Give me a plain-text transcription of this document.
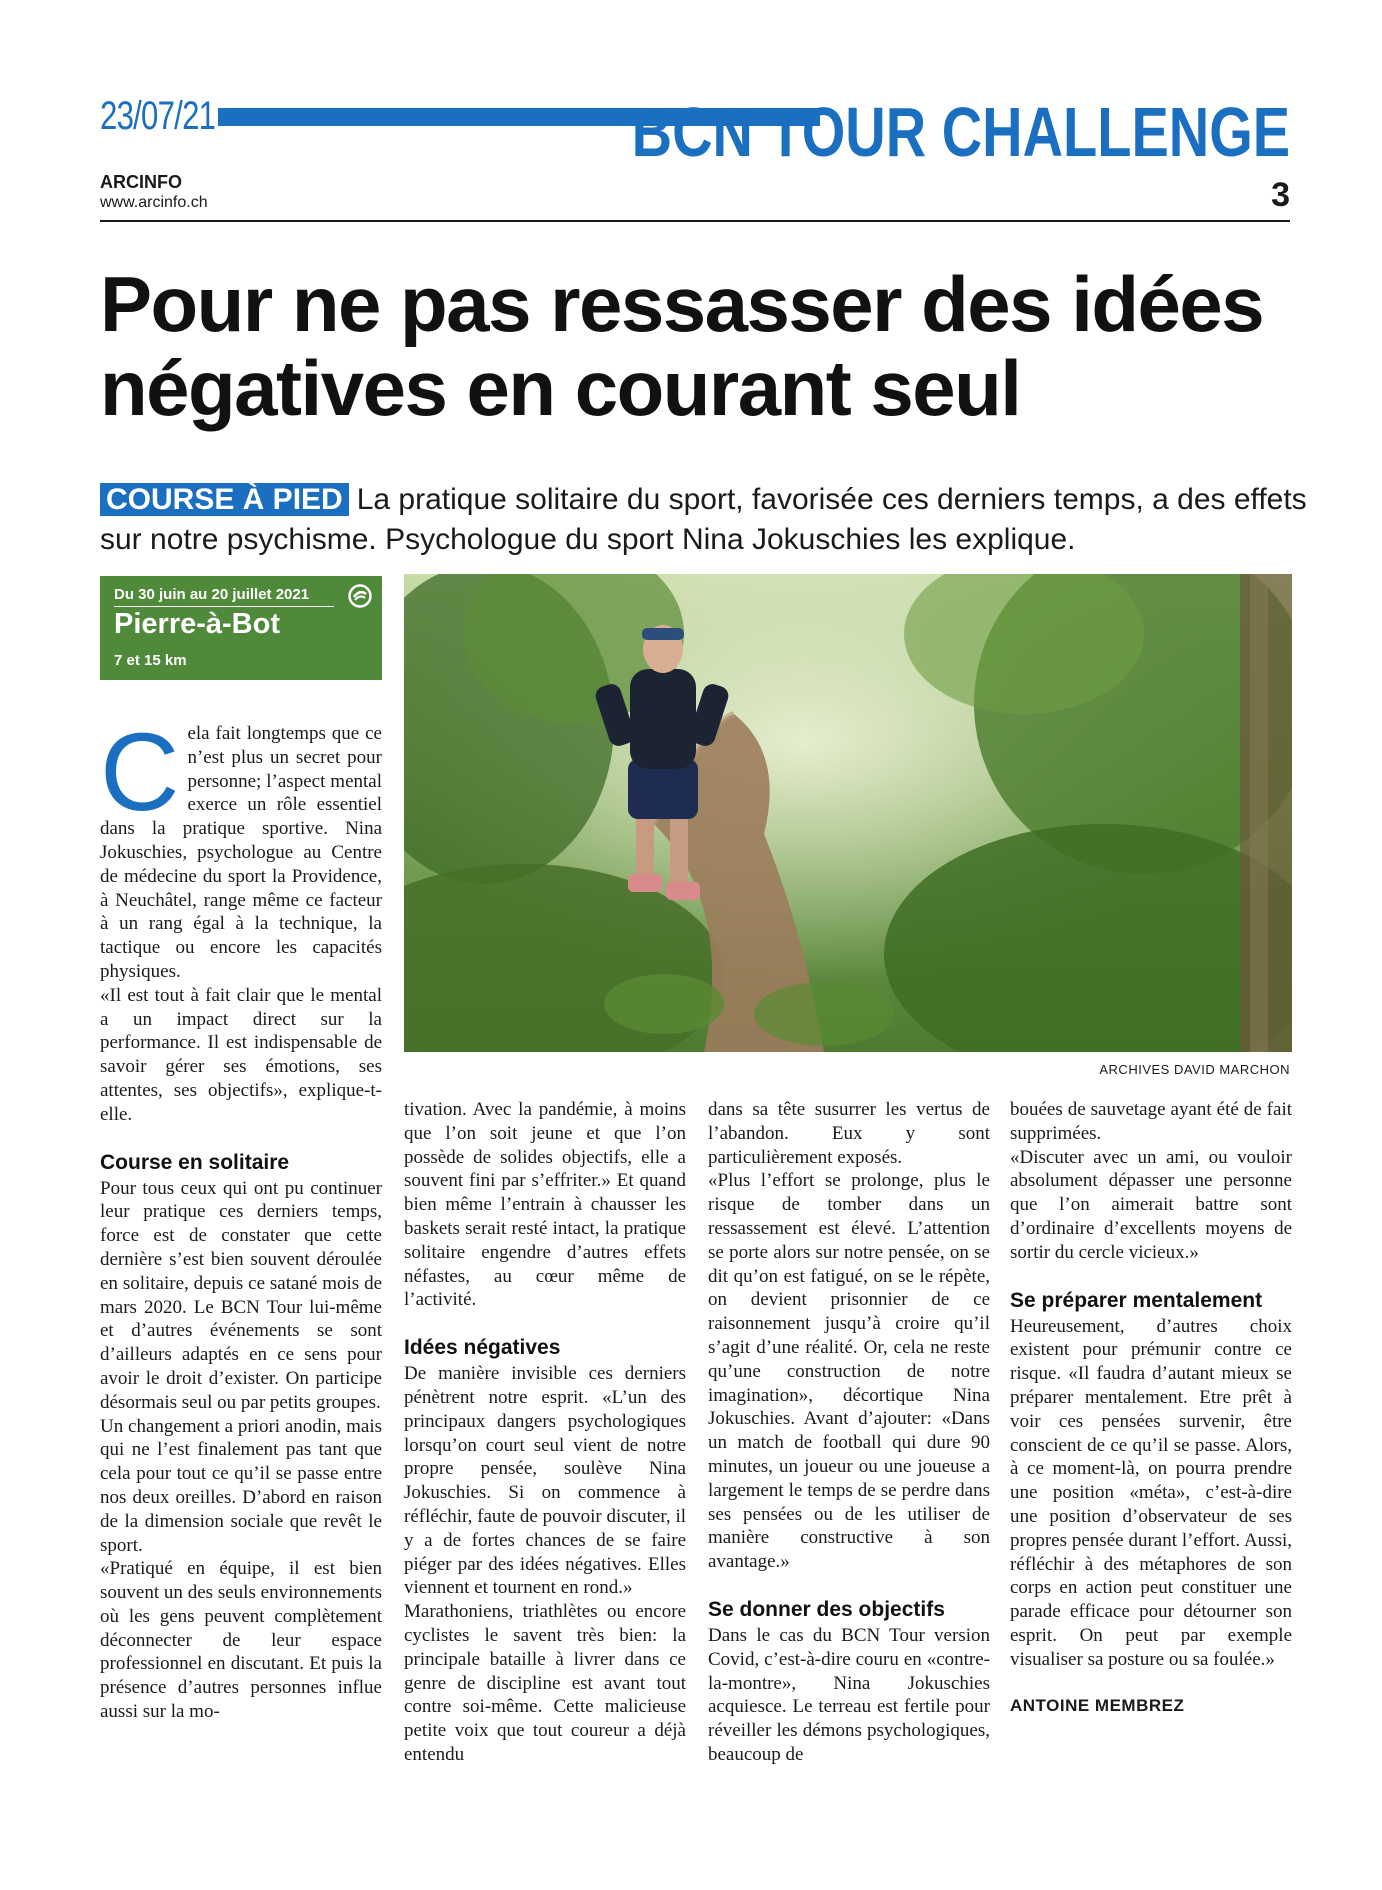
23/07/21	BCN TOUR CHALLENGE
ARCINFO
www.arcinfo.ch	3
Pour ne pas ressasser des idées
négatives en courant seul
COURSE À PIED La pratique solitaire du sport, favorisée ces derniers temps, a des effets sur notre psychisme. Psychologue du sport Nina Jokuschies les explique.
Du 30 juin au 20 juillet 2021
Pierre-à-Bot
7 et 15 km
ARCHIVES DAVID MARCHON

Cela fait longtemps que ce n’est plus un secret pour personne; l’aspect mental exerce un rôle essentiel dans la pratique sportive. Nina Jokuschies, psychologue au Centre de médecine du sport la Providence, à Neuchâtel, range même ce facteur à un rang égal à la technique, la tactique ou encore les capacités physiques.

«Il est tout à fait clair que le mental a un impact direct sur la performance. Il est indispensable de savoir gérer ses émotions, ses attentes, ses objectifs», explique-t-elle.

Course en solitaire

Pour tous ceux qui ont pu continuer leur pratique ces derniers temps, force est de constater que cette dernière s’est bien souvent déroulée en solitaire, depuis ce satané mois de mars 2020. Le BCN Tour lui-même et d’autres événements se sont d’ailleurs adaptés en ce sens pour avoir le droit d’exister. On participe désormais seul ou par petits groupes.

Un changement a priori anodin, mais qui ne l’est finalement pas tant que cela pour tout ce qu’il se passe entre nos deux oreilles. D’abord en raison de la dimension sociale que revêt le sport.

«Pratiqué en équipe, il est bien souvent un des seuls environnements où les gens peuvent complètement déconnecter de leur espace professionnel en discutant. Et puis la présence d’autres personnes influe aussi sur la mo-

tivation. Avec la pandémie, à moins que l’on soit jeune et que l’on possède de solides objectifs, elle a souvent fini par s’effriter.» Et quand bien même l’entrain à chausser les baskets serait resté intact, la pratique solitaire engendre d’autres effets néfastes, au cœur même de l’activité.

Idées négatives

De manière invisible ces derniers pénètrent notre esprit. «L’un des principaux dangers psychologiques lorsqu’on court seul vient de notre propre pensée, soulève Nina Jokuschies. Si on commence à réfléchir, faute de pouvoir discuter, il y a de fortes chances de se faire piéger par des idées négatives. Elles viennent et tournent en rond.»

Marathoniens, triathlètes ou encore cyclistes le savent très bien: la principale bataille à livrer dans ce genre de discipline est avant tout contre soi-même. Cette malicieuse petite voix que tout coureur a déjà entendu

dans sa tête susurrer les vertus de l’abandon. Eux y sont particulièrement exposés.

«Plus l’effort se prolonge, plus le risque de tomber dans un ressassement est élevé. L’attention se porte alors sur notre pensée, on se dit qu’on est fatigué, on se le répète, on devient prisonnier de ce raisonnement jusqu’à croire qu’il s’agit d’une réalité. Or, cela ne reste qu’une construction de notre imagination», décortique Nina Jokuschies. Avant d’ajouter: «Dans un match de football qui dure 90 minutes, un joueur ou une joueuse a largement le temps de se perdre dans ses pensées ou de les utiliser de manière constructive à son avantage.»

Se donner des objectifs

Dans le cas du BCN Tour version Covid, c’est-à-dire couru en «contre-la-montre», Nina Jokuschies acquiesce. Le terreau est fertile pour réveiller les démons psychologiques, beaucoup de

bouées de sauvetage ayant été de fait supprimées.

«Discuter avec un ami, ou vouloir absolument dépasser une personne que l’on aimerait battre sont d’ordinaire d’excellents moyens de sortir du cercle vicieux.»

Se préparer mentalement

Heureusement, d’autres choix existent pour prémunir contre ce risque. «Il faudra d’autant mieux se préparer mentalement. Etre prêt à voir ces pensées survenir, être conscient de ce qu’il se passe. Alors, à ce moment-là, on pourra prendre une position «méta», c’est-à-dire une position d’observateur de ses propres pensée durant l’effort. Aussi, réfléchir à des métaphores de son corps en action peut constituer une parade efficace pour détourner son esprit. On peut par exemple visualiser sa posture ou sa foulée.»

ANTOINE MEMBREZ
